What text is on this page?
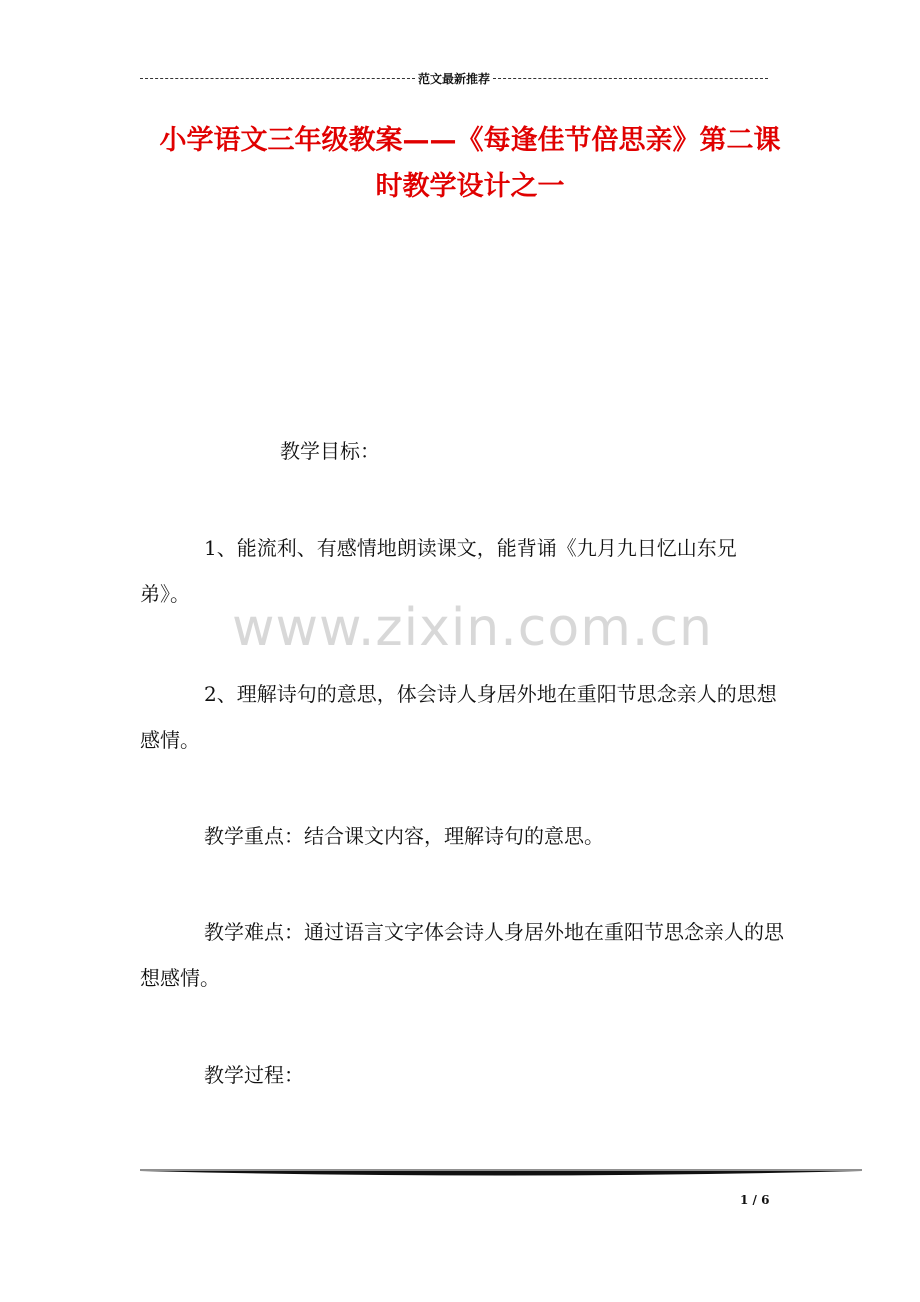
范文最新推荐
小学语文三年级教案——《每逢佳节倍思亲》第二课
时教学设计之一
教学目标：
1、能流利、有感情地朗读课文，能背诵《九月九日忆山东兄弟》。
www.zixin.com.cn
2、理解诗句的意思，体会诗人身居外地在重阳节思念亲人的思想感情。
教学重点：结合课文内容，理解诗句的意思。
教学难点：通过语言文字体会诗人身居外地在重阳节思念亲人的思想感情。
教学过程：
1 / 6
